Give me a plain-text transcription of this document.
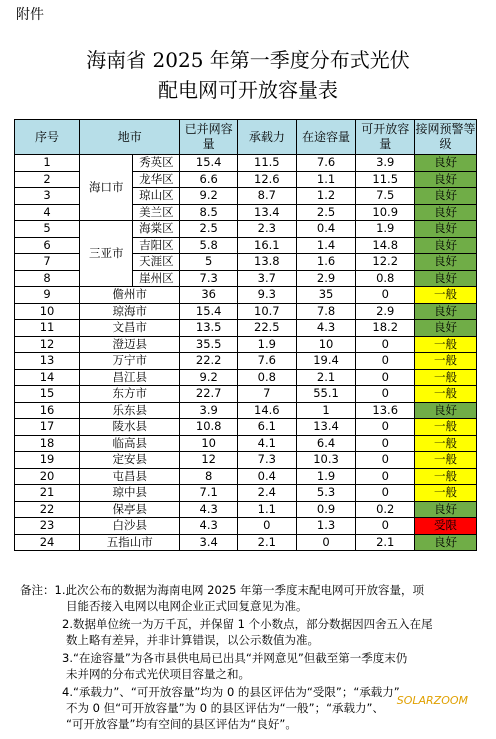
附件
海南省 2025 年第一季度分布式光伏
配电网可开放容量表
序号	地市		已并网容量	承载力	在途容量	可开放容量	接网预警等级
1	海口市	秀英区	15.4	11.5	7.6	3.9	良好
2		龙华区	6.6	12.6	1.1	11.5	良好
3		琼山区	9.2	8.7	1.2	7.5	良好
4		美兰区	8.5	13.4	2.5	10.9	良好
5	三亚市	海棠区	2.5	2.3	0.4	1.9	良好
6		吉阳区	5.8	16.1	1.4	14.8	良好
7		天涯区	5	13.8	1.6	12.2	良好
8		崖州区	7.3	3.7	2.9	0.8	良好
9	儋州市		36	9.3	35	0	一般
10	琼海市		15.4	10.7	7.8	2.9	良好
11	文昌市		13.5	22.5	4.3	18.2	良好
12	澄迈县		35.5	1.9	10	0	一般
13	万宁市		22.2	7.6	19.4	0	一般
14	昌江县		9.2	0.8	2.1	0	一般
15	东方市		22.7	7	55.1	0	一般
16	乐东县		3.9	14.6	1	13.6	良好
17	陵水县		10.8	6.1	13.4	0	一般
18	临高县		10	4.1	6.4	0	一般
19	定安县		12	7.3	10.3	0	一般
20	屯昌县		8	0.4	1.9	0	一般
21	琼中县		7.1	2.4	5.3	0	一般
22	保亭县		4.3	1.1	0.9	0.2	良好
23	白沙县		4.3	0	1.3	0	受限
24	五指山市		3.4	2.1	0	2.1	良好
备注：1.此次公布的数据为海南电网 2025 年第一季度末配电网可开放容量，项
目能否接入电网以电网企业正式回复意见为准。
2.数据单位统一为万千瓦，并保留 1 个小数点，部分数据因四舍五入在尾
数上略有差异，并非计算错误，以公示数值为准。
3.“在途容量”为各市县供电局已出具“并网意见”但截至第一季度末仍
未并网的分布式光伏项目容量之和。
4.“承载力”、“可开放容量”均为 0 的县区评估为“受限”；“承载力”
不为 0 但“可开放容量”为 0 的县区评估为“一般”；“承载力”、
“可开放容量”均有空间的县区评估为“良好”。
SOLARZOOM
